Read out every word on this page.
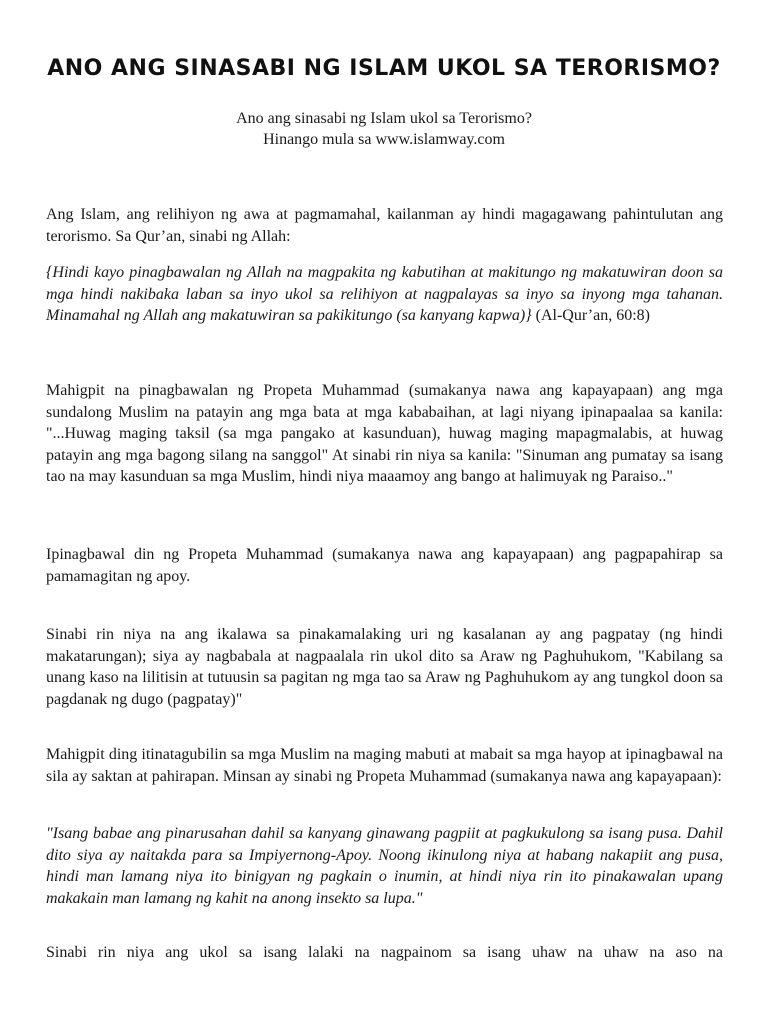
ANO ANG SINASABI NG ISLAM UKOL SA TERORISMO?

Ano ang sinasabi ng Islam ukol sa Terorismo?

Hinango mula sa www.islamway.com

Ang Islam, ang relihiyon ng awa at pagmamahal, kailanman ay hindi magagawang pahintulutan ang terorismo. Sa Qur’an, sinabi ng Allah:

{Hindi kayo pinagbawalan ng Allah na magpakita ng kabutihan at makitungo ng makatuwiran doon sa mga hindi nakibaka laban sa inyo ukol sa relihiyon at nagpalayas sa inyo sa inyong mga tahanan. Minamahal ng Allah ang makatuwiran sa pakikitungo (sa kanyang kapwa)} (Al-Qur’an, 60:8)

Mahigpit na pinagbawalan ng Propeta Muhammad (sumakanya nawa ang kapayapaan) ang mga sundalong Muslim na patayin ang mga bata at mga kababaihan, at lagi niyang ipinapaalaa sa kanila: "...Huwag maging taksil (sa mga pangako at kasunduan), huwag maging mapagmalabis, at huwag patayin ang mga bagong silang na sanggol" At sinabi rin niya sa kanila: "Sinuman ang pumatay sa isang tao na may kasunduan sa mga Muslim, hindi niya maaamoy ang bango at halimuyak ng Paraiso.."

Ipinagbawal din ng Propeta Muhammad (sumakanya nawa ang kapayapaan) ang pagpapahirap sa pamamagitan ng apoy.

Sinabi rin niya na ang ikalawa sa pinakamalaking uri ng kasalanan ay ang pagpatay (ng hindi makatarungan); siya ay nagbabala at nagpaalala rin ukol dito sa Araw ng Paghuhukom, "Kabilang sa unang kaso na lilitisin at tutuusin sa pagitan ng mga tao sa Araw ng Paghuhukom ay ang tungkol doon sa pagdanak ng dugo (pagpatay)"

Mahigpit ding itinatagubilin sa mga Muslim na maging mabuti at mabait sa mga hayop at ipinagbawal na sila ay saktan at pahirapan. Minsan ay sinabi ng Propeta Muhammad (sumakanya nawa ang kapayapaan):

"Isang babae ang pinarusahan dahil sa kanyang ginawang pagpiit at pagkukulong sa isang pusa. Dahil dito siya ay naitakda para sa Impiyernong-Apoy. Noong ikinulong niya at habang nakapiit ang pusa, hindi man lamang niya ito binigyan ng pagkain o inumin, at hindi niya rin ito pinakawalan upang makakain man lamang ng kahit na anong insekto sa lupa."

Sinabi rin niya ang ukol sa isang lalaki na nagpainom sa isang uhaw na uhaw na aso na
